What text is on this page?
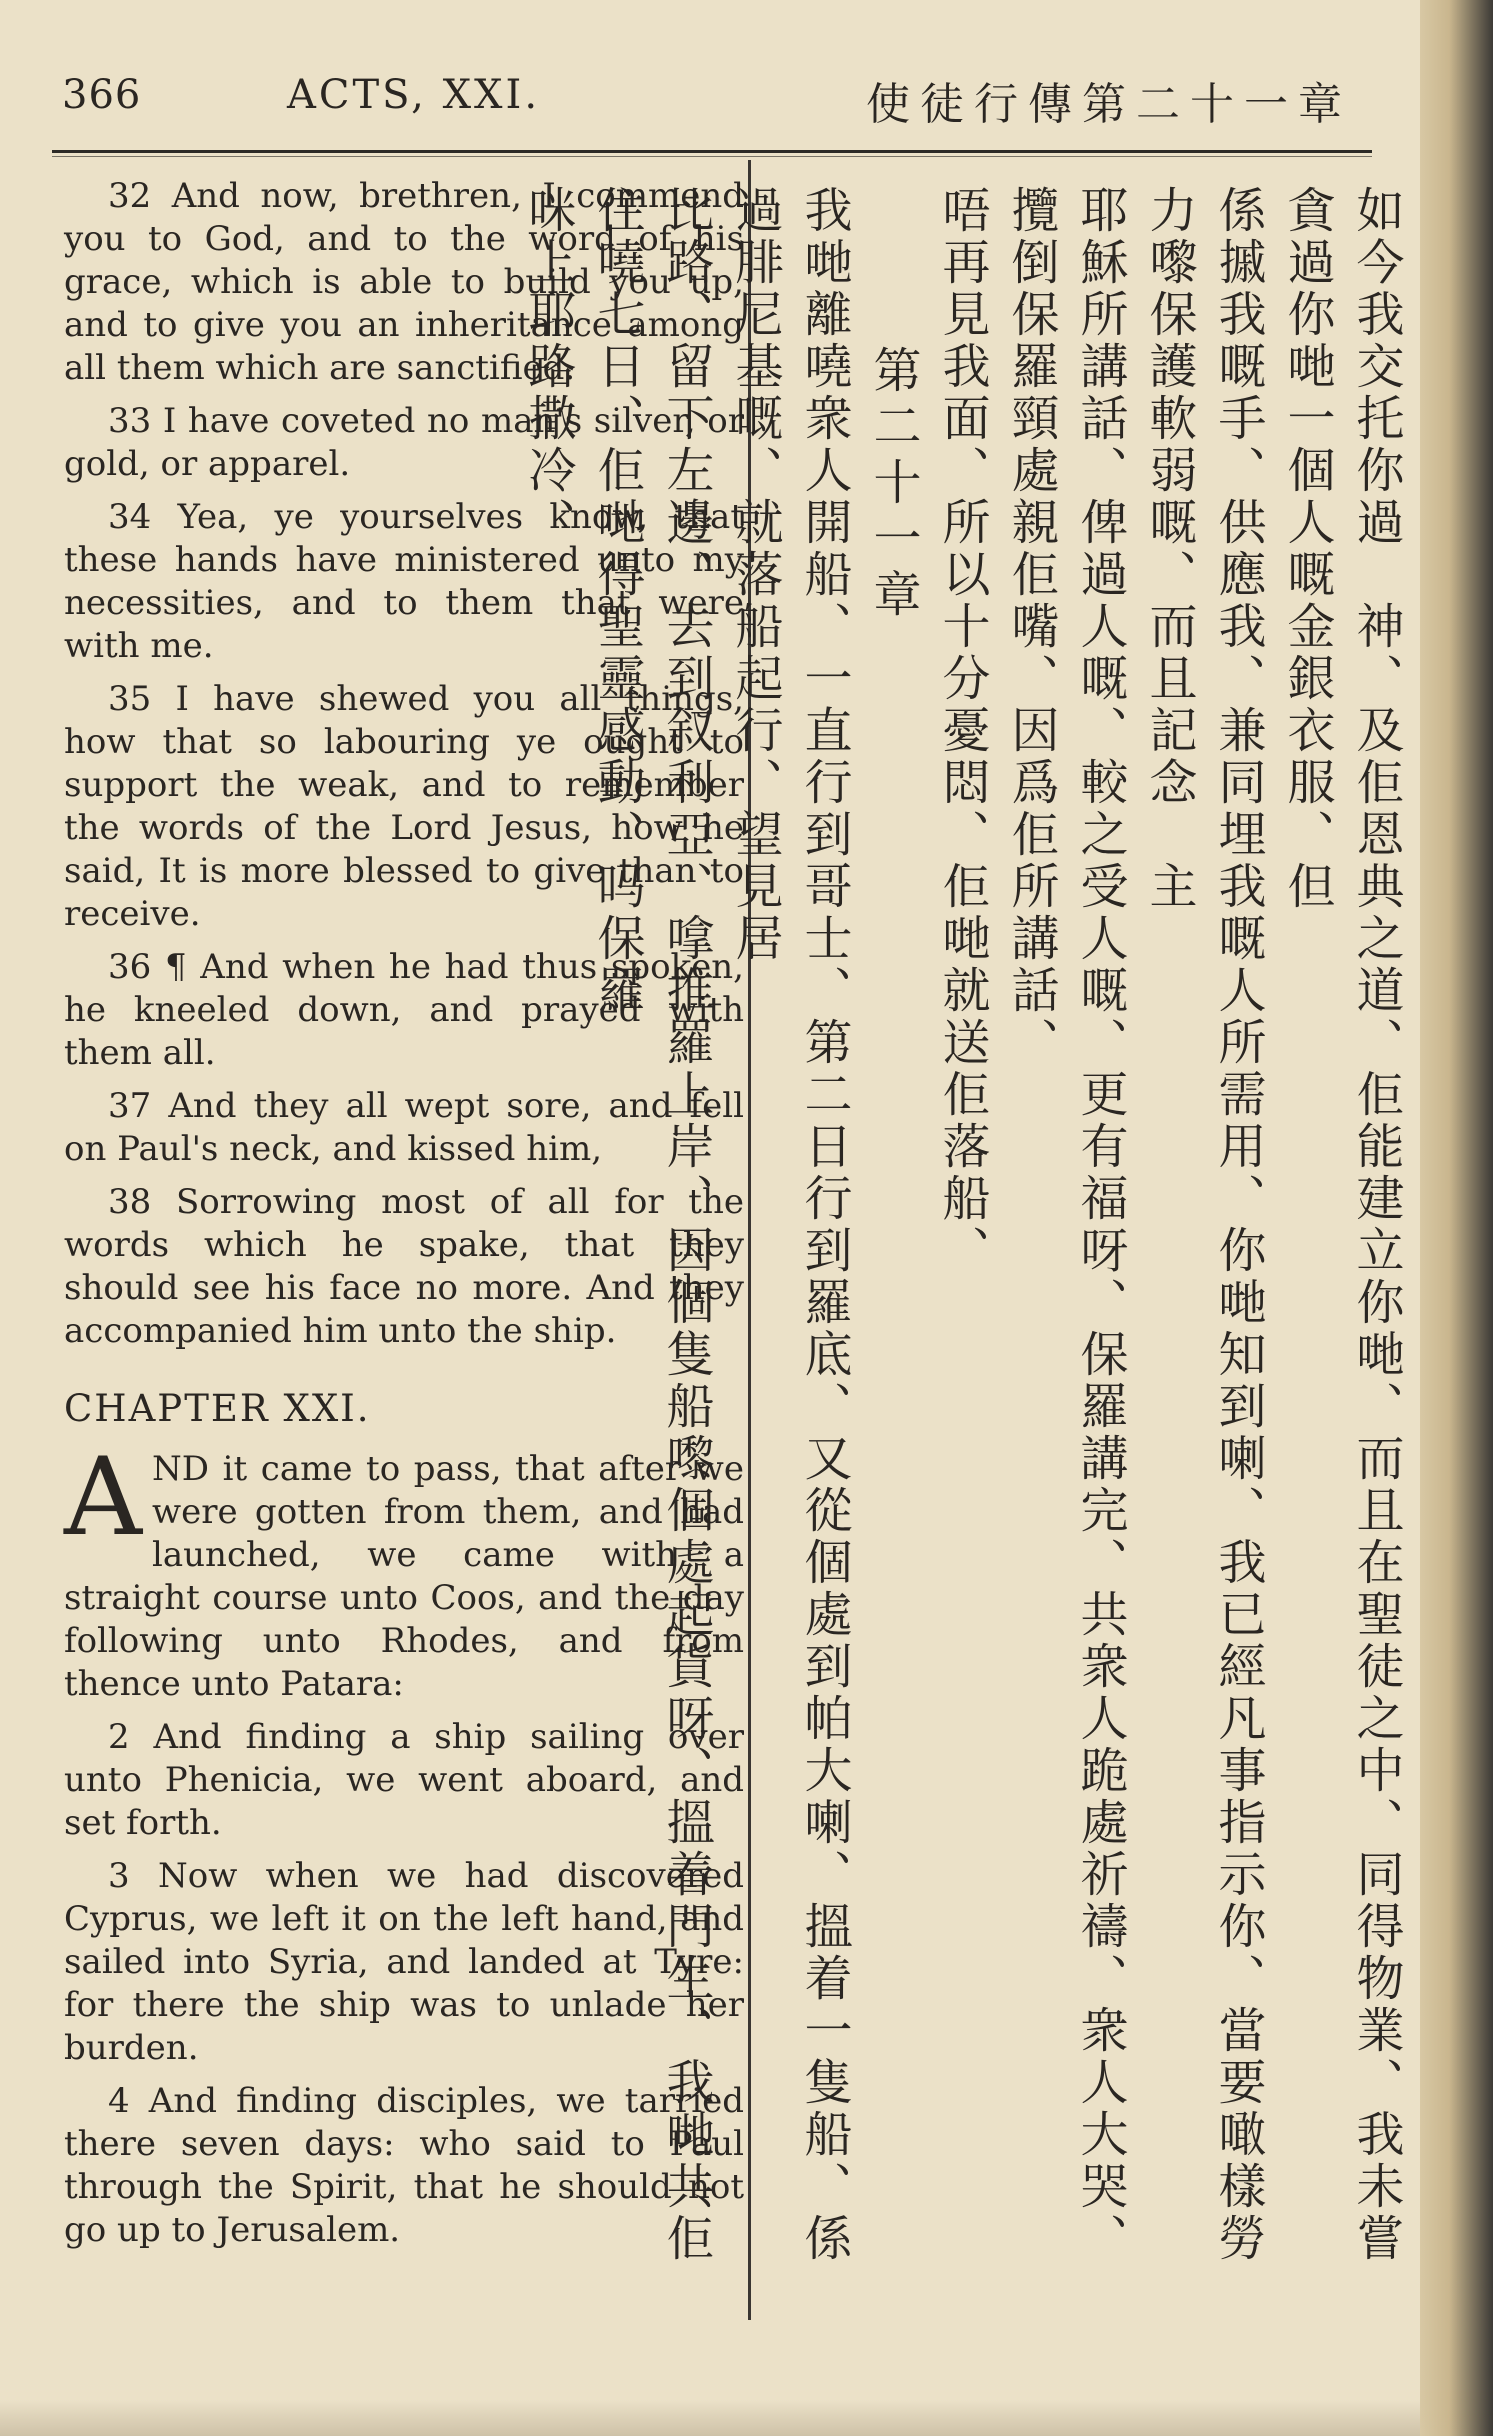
366	ACTS, XXI.	使徒行傳第二十一章

32 And now, brethren, I commend you to God, and to the word of his grace, which is able to build you up, and to give you an inheritance among all them which are sanctified.

33 I have coveted no man's silver, or gold, or apparel.

34 Yea, ye yourselves know, that these hands have ministered unto my necessities, and to them that were with me.

35 I have shewed you all things, how that so labouring ye ought to support the weak, and to remember the words of the Lord Jesus, how he said, It is more blessed to give than to receive.

36 ¶ And when he had thus spoken, he kneeled down, and prayed with them all.

37 And they all wept sore, and fell on Paul's neck, and kissed him,

38 Sorrowing most of all for the words which he spake, that they should see his face no more. And they accompanied him unto the ship.

CHAPTER XXI.

AND it came to pass, that after we were gotten from them, and had launched, we came with a straight course unto Coos, and the day following unto Rhodes, and from thence unto Patara:

2 And finding a ship sailing over unto Phenicia, we went aboard, and set forth.

3 Now when we had discovered Cyprus, we left it on the left hand, and sailed into Syria, and landed at Tyre: for there the ship was to unlade her burden.

4 And finding disciples, we tarried there seven days: who said to Paul through the Spirit, that he should not go up to Jerusalem.	如今我交托你過　神、及佢恩典之道、佢能建立你哋、而且在聖徒之中、同得物業、我未嘗貪過你哋一個人嘅金銀衣服、但

係摵我嘅手、供應我、兼同埋我嘅人所需用、你哋知到喇、我已經凡事指示你、當要噉樣勞力嚟保護軟弱嘅、而且記念　主

耶穌所講話、俾過人嘅、較之受人嘅、更有福呀、保羅講完、共衆人跪處祈禱、衆人大哭、攬倒保羅頸處親佢嘴、因爲佢所講話、

唔再見我面、所以十分憂悶、佢哋就送佢落船、

第二十一章

我哋離嘵衆人開船、一直行到哥士、第二日行到羅底、又從個處到帕大喇、搵着一隻船、係過腓尼基嘅、就落船起行、望見居

比路、留下左邊、去到叙利亞、嗱推羅上岸、因個隻船嚟個處起貨呀、搵着門生、我哋共佢住嘵七日、佢哋得聖靈感動、吗保羅

咪上耶路撒冷、
